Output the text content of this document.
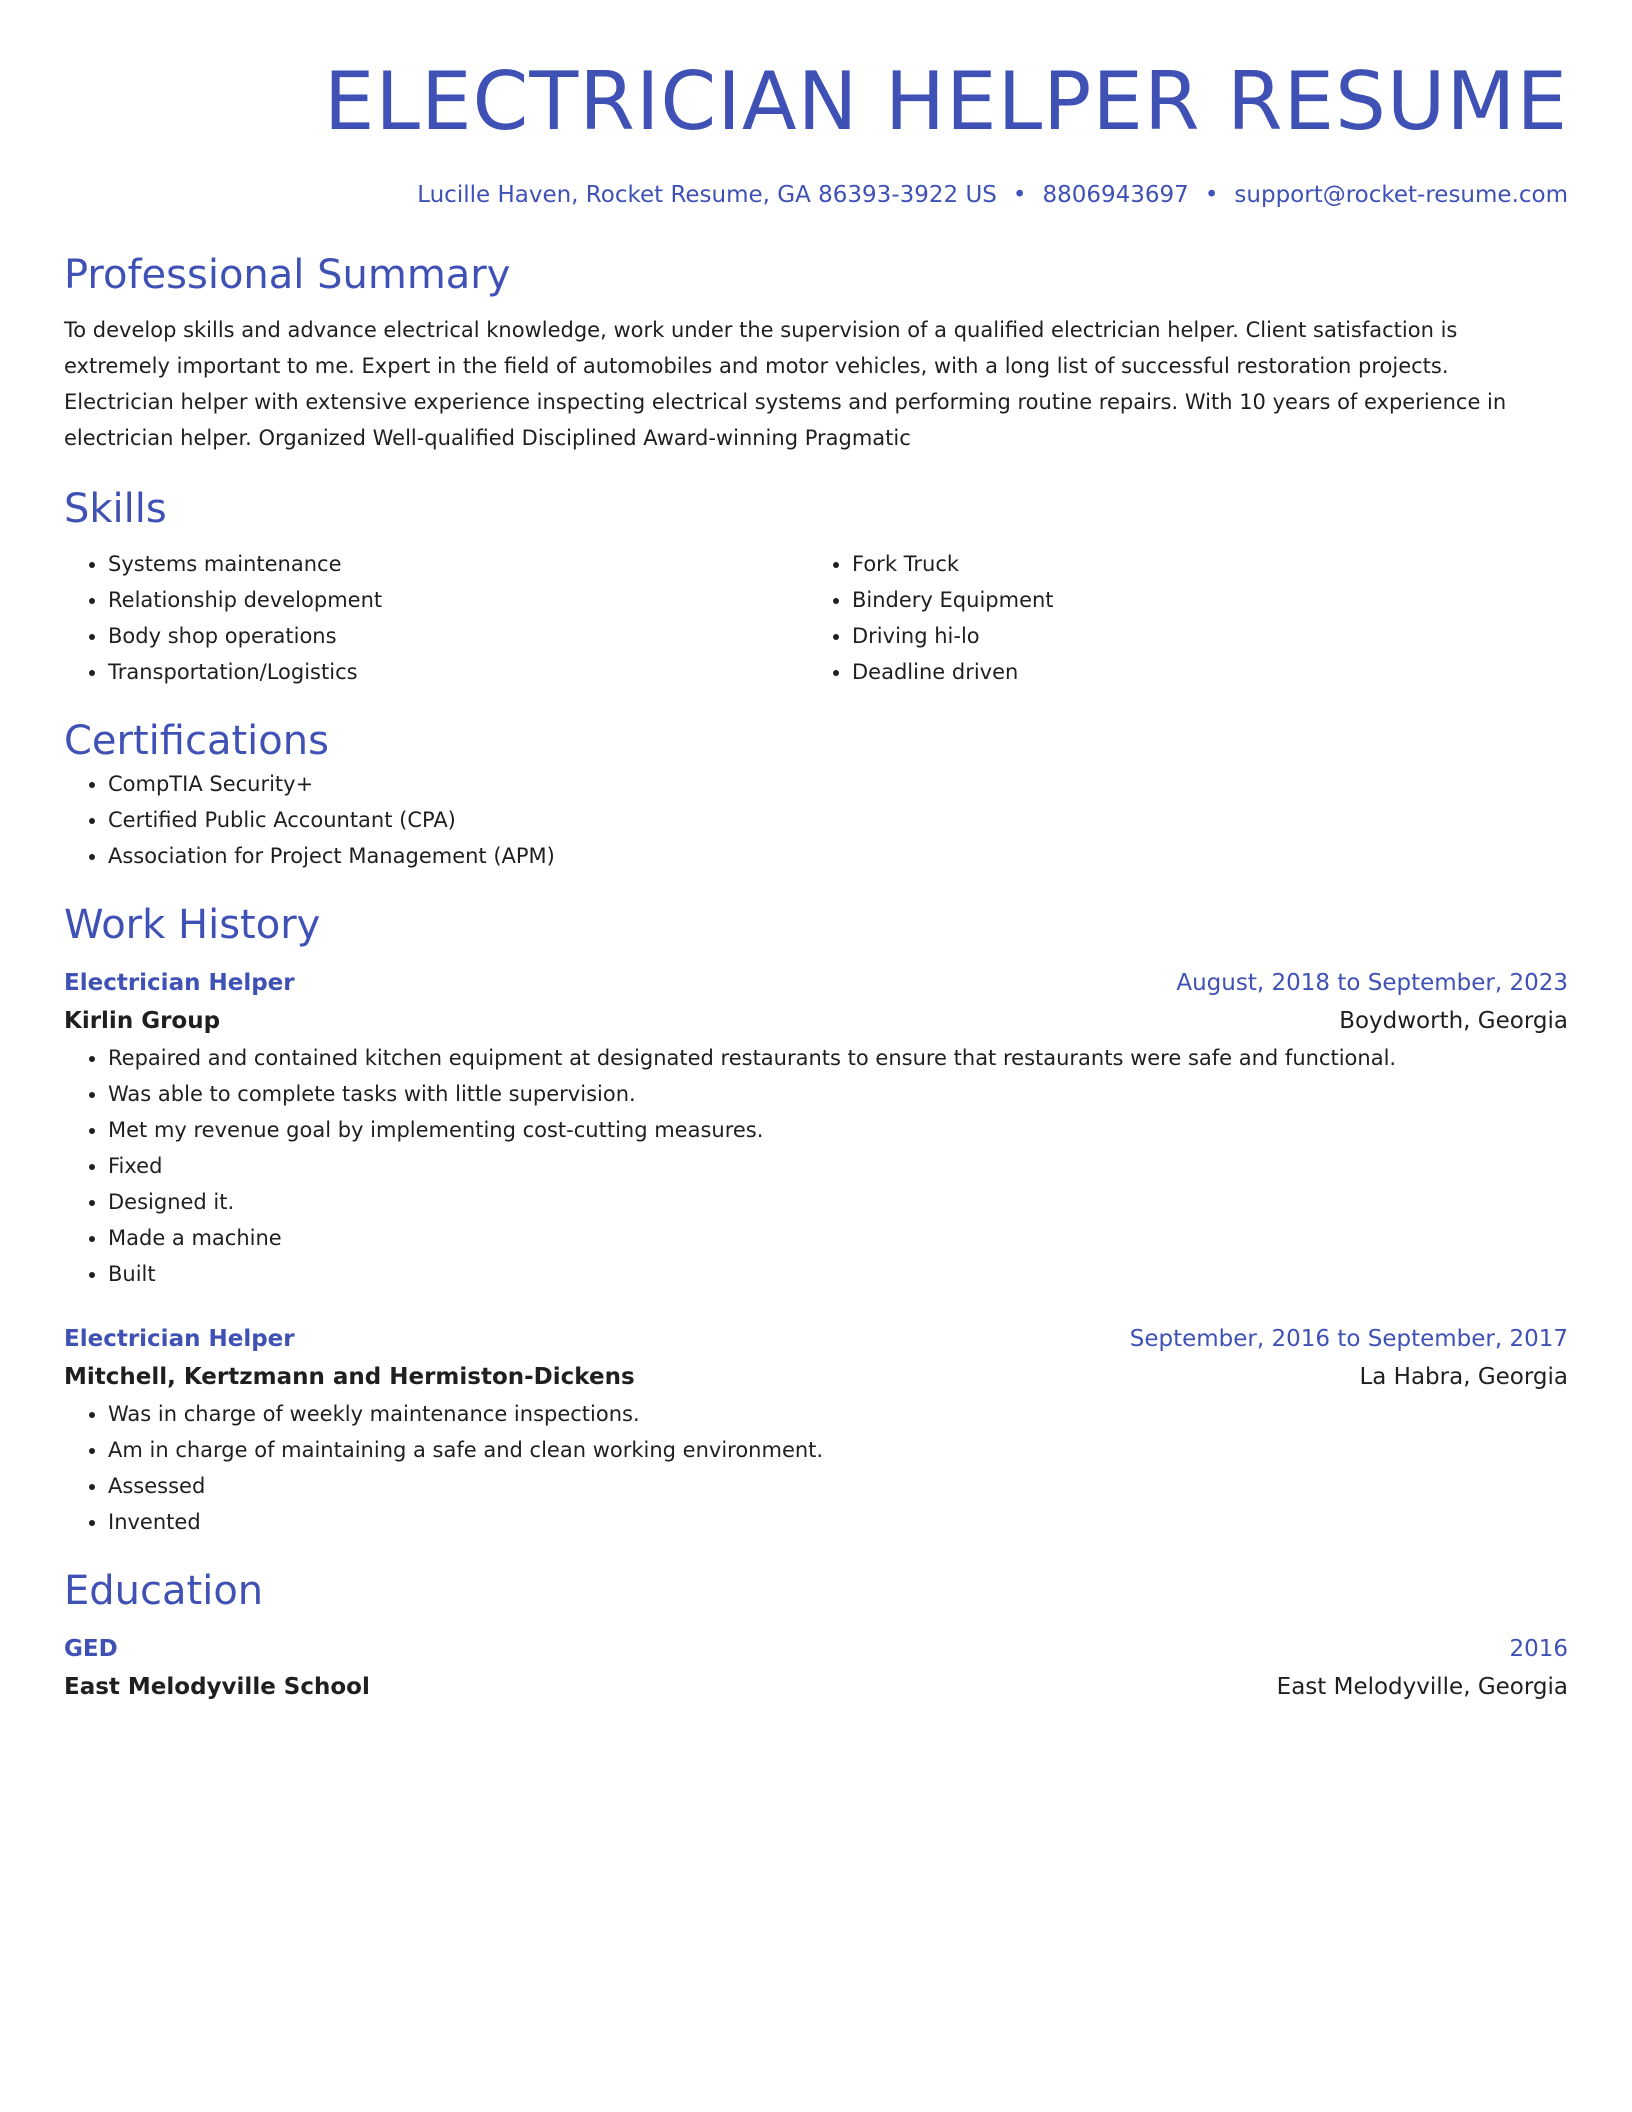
ELECTRICIAN HELPER RESUME
Lucille Haven, Rocket Resume, GA 86393-3922 US • 8806943697 • support@rocket-resume.com
Professional Summary

To develop skills and advance electrical knowledge, work under the supervision of a qualified electrician helper. Client satisfaction is extremely important to me. Expert in the field of automobiles and motor vehicles, with a long list of successful restoration projects. Electrician helper with extensive experience inspecting electrical systems and performing routine repairs. With 10 years of experience in electrician helper. Organized Well-qualified Disciplined Award-winning Pragmatic

Skills
• Systems maintenance
• Relationship development
• Body shop operations
• Transportation/Logistics
• Fork Truck
• Bindery Equipment
• Driving hi-lo
• Deadline driven
Certifications
• CompTIA Security+
• Certified Public Accountant (CPA)
• Association for Project Management (APM)
Work History
Electrician Helper	August, 2018 to September, 2023
Kirlin Group	Boydworth, Georgia
• Repaired and contained kitchen equipment at designated restaurants to ensure that restaurants were safe and functional.
• Was able to complete tasks with little supervision.
• Met my revenue goal by implementing cost-cutting measures.
• Fixed
• Designed it.
• Made a machine
• Built
Electrician Helper	September, 2016 to September, 2017
Mitchell, Kertzmann and Hermiston-Dickens	La Habra, Georgia
• Was in charge of weekly maintenance inspections.
• Am in charge of maintaining a safe and clean working environment.
• Assessed
• Invented
Education
GED	2016
East Melodyville School	East Melodyville, Georgia
